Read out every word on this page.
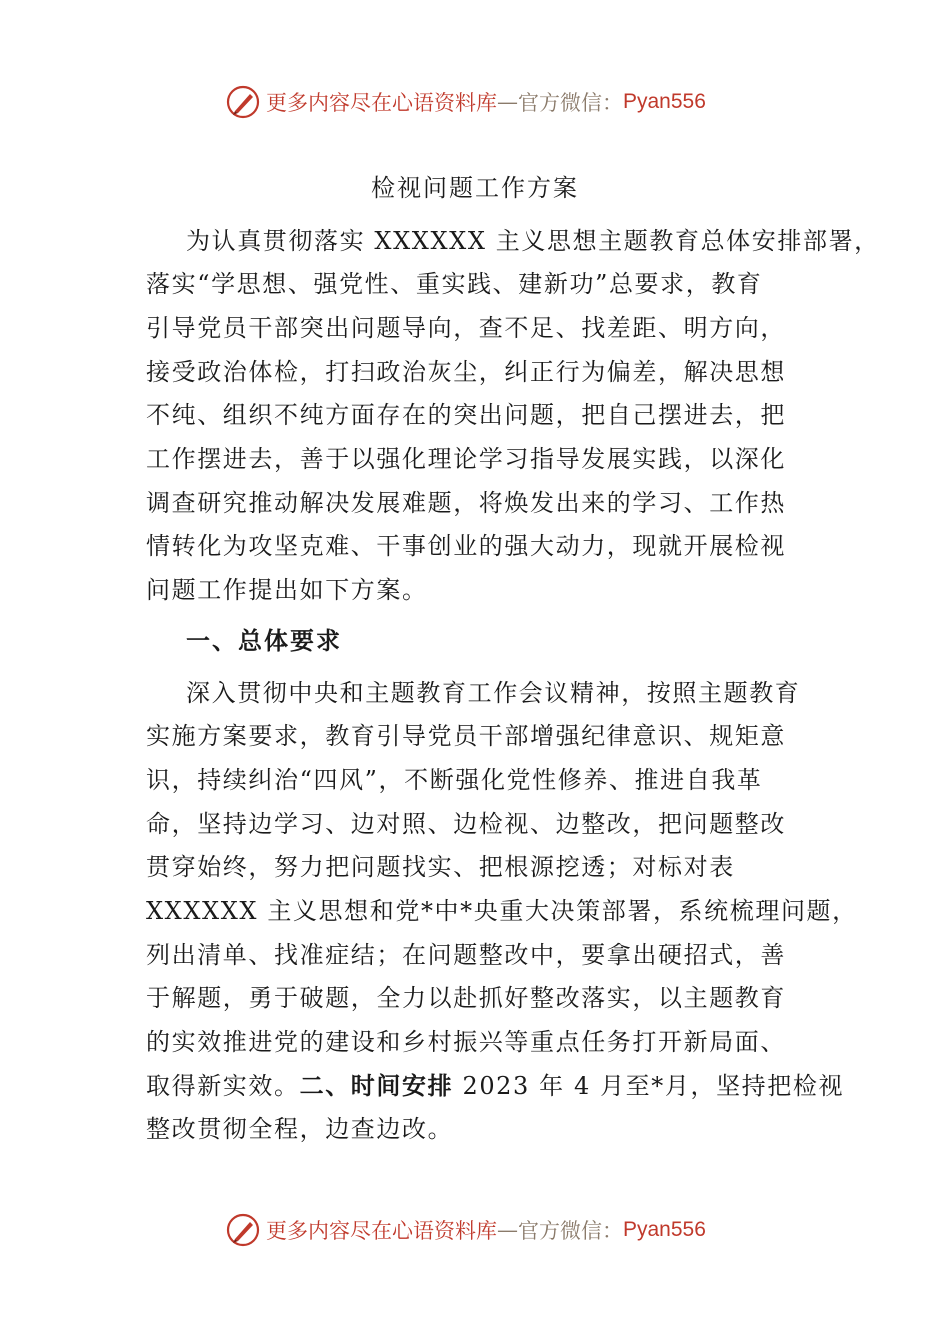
更多内容尽在心语资料库 — 官方微信： Pyan556
检视问题工作方案
为认真贯彻落实 XXXXXX 主义思想主题教育总体安排部署，
落实“学思想、强党性、重实践、建新功”总要求，教育
引导党员干部突出问题导向，查不足、找差距、明方向，
接受政治体检，打扫政治灰尘，纠正行为偏差，解决思想
不纯、组织不纯方面存在的突出问题，把自己摆进去，把
工作摆进去，善于以强化理论学习指导发展实践，以深化
调查研究推动解决发展难题，将焕发出来的学习、工作热
情转化为攻坚克难、干事创业的强大动力，现就开展检视
问题工作提出如下方案。
一、总体要求
深入贯彻中央和主题教育工作会议精神，按照主题教育
实施方案要求，教育引导党员干部增强纪律意识、规矩意
识，持续纠治“四风”，不断强化党性修养、推进自我革
命，坚持边学习、边对照、边检视、边整改，把问题整改
贯穿始终，努力把问题找实、把根源挖透；对标对表
XXXXXX 主义思想和党*中*央重大决策部署，系统梳理问题，
列出清单、找准症结；在问题整改中，要拿出硬招式，善
于解题，勇于破题，全力以赴抓好整改落实，以主题教育
的实效推进党的建设和乡村振兴等重点任务打开新局面、
取得新实效。二、时间安排 2023 年 4 月至*月，坚持把检视
整改贯彻全程，边查边改。
更多内容尽在心语资料库 — 官方微信： Pyan556
